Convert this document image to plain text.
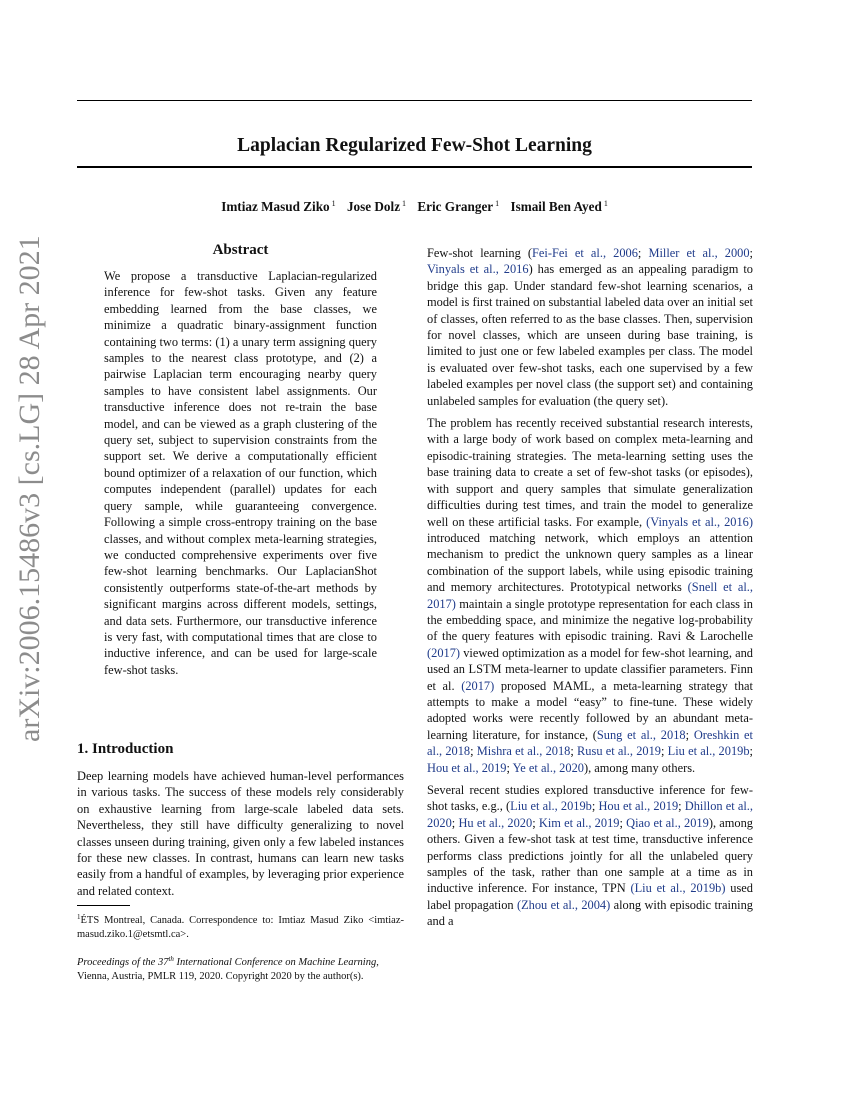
arXiv:2006.15486v3 [cs.LG] 28 Apr 2021
Laplacian Regularized Few-Shot Learning
Imtiaz Masud Ziko $^1$ Jose Dolz $^1$ Eric Granger $^1$ Ismail Ben Ayed $^1$
Abstract

We propose a transductive Laplacian-regularized inference for few-shot tasks. Given any feature embedding learned from the base classes, we minimize a quadratic binary-assignment function containing two terms: (1) a unary term assigning query samples to the nearest class prototype, and (2) a pairwise Laplacian term encouraging nearby query samples to have consistent label assignments. Our transductive inference does not re-train the base model, and can be viewed as a graph clustering of the query set, subject to supervision constraints from the support set. We derive a computationally efficient bound optimizer of a relaxation of our function, which computes independent (parallel) updates for each query sample, while guaranteeing convergence. Following a simple cross-entropy training on the base classes, and without complex meta-learning strategies, we conducted comprehensive experiments over five few-shot learning benchmarks. Our LaplacianShot consistently outperforms state-of-the-art methods by significant margins across different models, settings, and data sets. Furthermore, our transductive inference is very fast, with computational times that are close to inductive inference, and can be used for large-scale few-shot tasks.

1. Introduction

Deep learning models have achieved human-level performances in various tasks. The success of these models rely considerably on exhaustive learning from large-scale labeled data sets. Nevertheless, they still have difficulty generalizing to novel classes unseen during training, given only a few labeled instances for these new classes. In contrast, humans can learn new tasks easily from a handful of examples, by leveraging prior experience and related context.

$^1$ÉTS Montreal, Canada. Correspondence to: Imtiaz Masud Ziko <imtiaz-masud.ziko.1@etsmtl.ca>.

Proceedings of the 37th International Conference on Machine Learning, Vienna, Austria, PMLR 119, 2020. Copyright 2020 by the author(s).

Few-shot learning (Fei-Fei et al., 2006; Miller et al., 2000; Vinyals et al., 2016) has emerged as an appealing paradigm to bridge this gap. Under standard few-shot learning scenarios, a model is first trained on substantial labeled data over an initial set of classes, often referred to as the base classes. Then, supervision for novel classes, which are unseen during base training, is limited to just one or few labeled examples per class. The model is evaluated over few-shot tasks, each one supervised by a few labeled examples per novel class (the support set) and containing unlabeled samples for evaluation (the query set).

The problem has recently received substantial research interests, with a large body of work based on complex meta-learning and episodic-training strategies. The meta-learning setting uses the base training data to create a set of few-shot tasks (or episodes), with support and query samples that simulate generalization difficulties during test times, and train the model to generalize well on these artificial tasks. For example, (Vinyals et al., 2016) introduced matching network, which employs an attention mechanism to predict the unknown query samples as a linear combination of the support labels, while using episodic training and memory architectures. Prototypical networks (Snell et al., 2017) maintain a single prototype representation for each class in the embedding space, and minimize the negative log-probability of the query features with episodic training. Ravi & Larochelle (2017) viewed optimization as a model for few-shot learning, and used an LSTM meta-learner to update classifier parameters. Finn et al. (2017) proposed MAML, a meta-learning strategy that attempts to make a model “easy” to fine-tune. These widely adopted works were recently followed by an abundant meta-learning literature, for instance, (Sung et al., 2018; Oreshkin et al., 2018; Mishra et al., 2018; Rusu et al., 2019; Liu et al., 2019b; Hou et al., 2019; Ye et al., 2020), among many others.

Several recent studies explored transductive inference for few-shot tasks, e.g., (Liu et al., 2019b; Hou et al., 2019; Dhillon et al., 2020; Hu et al., 2020; Kim et al., 2019; Qiao et al., 2019), among others. Given a few-shot task at test time, transductive inference performs class predictions jointly for all the unlabeled query samples of the task, rather than one sample at a time as in inductive inference. For instance, TPN (Liu et al., 2019b) used label propagation (Zhou et al., 2004) along with episodic training and a
